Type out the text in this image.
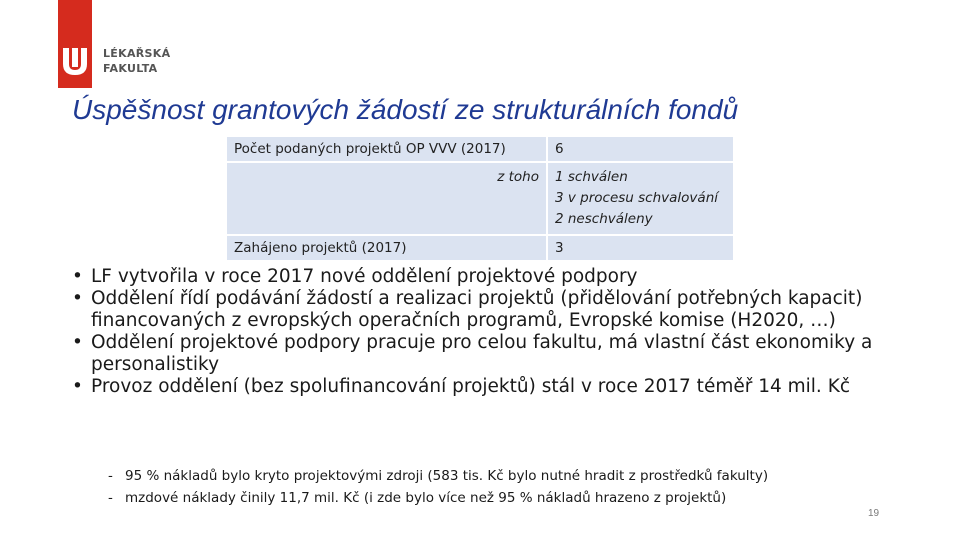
LÉKAŘSKÁ
FAKULTA
Úspěšnost grantových žádostí ze strukturálních fondů
Počet podaných projektů OP VVV (2017)	6
z toho	1 schválen
3 v procesu schvalování
2 neschváleny

Zahájeno projektů (2017)	3
• LF vytvořila v roce 2017 nové oddělení projektové podpory
• Oddělení řídí podávání žádostí a realizaci projektů (přidělování potřebných kapacit) financovaných z evropských operačních programů, Evropské komise (H2020, …)
• Oddělení projektové podpory pracuje pro celou fakultu, má vlastní část ekonomiky a personalistiky
• Provoz oddělení (bez spolufinancování projektů) stál v roce 2017 téměř 14 mil. Kč
- 95 % nákladů bylo kryto projektovými zdroji (583 tis. Kč bylo nutné hradit z prostředků fakulty)
- mzdové náklady činily 11,7 mil. Kč (i zde bylo více než 95 % nákladů hrazeno z projektů)
19
